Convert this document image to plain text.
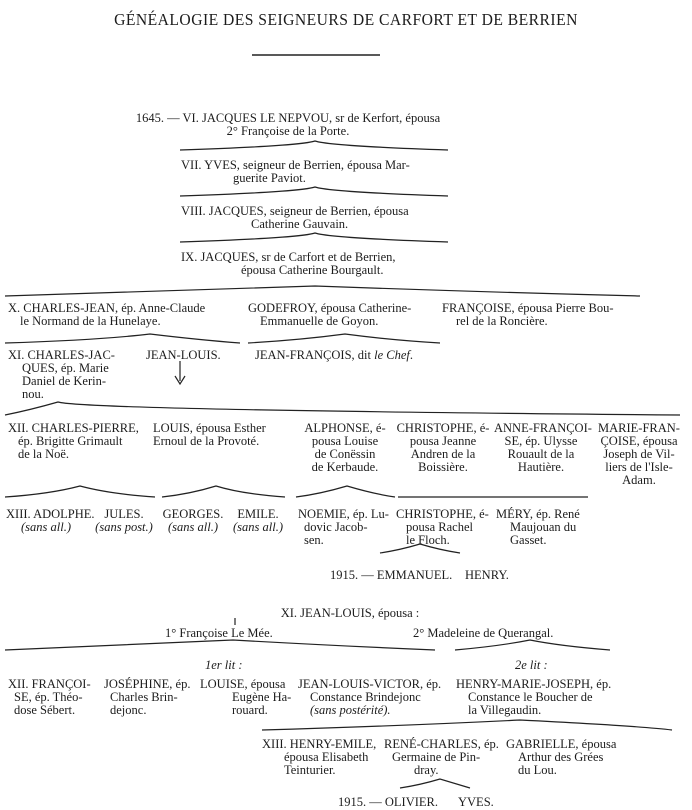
GÉNÉALOGIE DES SEIGNEURS DE CARFORT ET DE BERRIEN
1645. — VI. JACQUES LE NEPVOU, sr de Kerfort, épousa
2° Françoise de la Porte.
VII. YVES, seigneur de Berrien, épousa Mar-
guerite Paviot.
VIII. JACQUES, seigneur de Berrien, épousa
Catherine Gauvain.
IX. JACQUES, sr de Carfort et de Berrien,
épousa Catherine Bourgault.
X. CHARLES-JEAN, ép. Anne-Claude
le Normand de la Hunelaye.
GODEFROY, épousa Catherine-
Emmanuelle de Goyon.
FRANÇOISE, épousa Pierre Bou-
rel de la Roncière.
XI. CHARLES-JAC-
QUES, ép. Marie
Daniel de Kerin-
nou.
JEAN-LOUIS.	JEAN-FRANÇOIS, dit le Chef.
XII. CHARLES-PIERRE,
ép. Brigitte Grimault
de la Noë.
LOUIS, épousa Esther
Ernoul de la Provoté.
ALPHONSE, é-
pousa Louise
de Conëssin
de Kerbaude.
CHRISTOPHE, é-
pousa Jeanne
Andren de la
Boissière.
ANNE-FRANÇOI-
SE, ép. Ulysse
Rouault de la
Hautière.
MARIE-FRAN-
ÇOISE, épousa
Joseph de Vil-
liers de l'Isle-
Adam.
XIII. ADOLPHE.
(sans all.)
JULES.
(sans post.)
GEORGES.
(sans all.)
EMILE.
(sans all.)
NOEMIE, ép. Lu-
dovic Jacob-
sen.
CHRISTOPHE, é-
pousa Rachel
le Floch.
MÉRY, ép. René
Maujouan du
Gasset.
1915. — EMMANUEL. HENRY.
XI. JEAN-LOUIS, épousa :
1° Françoise Le Mée.	2° Madeleine de Querangal.
1er lit :	2e lit :
XII. FRANÇOI-
SE, ép. Théo-
dose Sébert.
JOSÉPHINE, ép.
Charles Brin-
dejonc.
LOUISE, épousa
Eugène Ha-
rouard.
JEAN-LOUIS-VICTOR, ép.
Constance Brindejonc
(sans postérité).
HENRY-MARIE-JOSEPH, ép.
Constance le Boucher de
la Villegaudin.
XIII. HENRY-EMILE,
épousa Elisabeth
Teinturier.
RENÉ-CHARLES, ép.
Germaine de Pin-
dray.
GABRIELLE, épousa
Arthur des Grées
du Lou.
1915. — OLIVIER. YVES.
